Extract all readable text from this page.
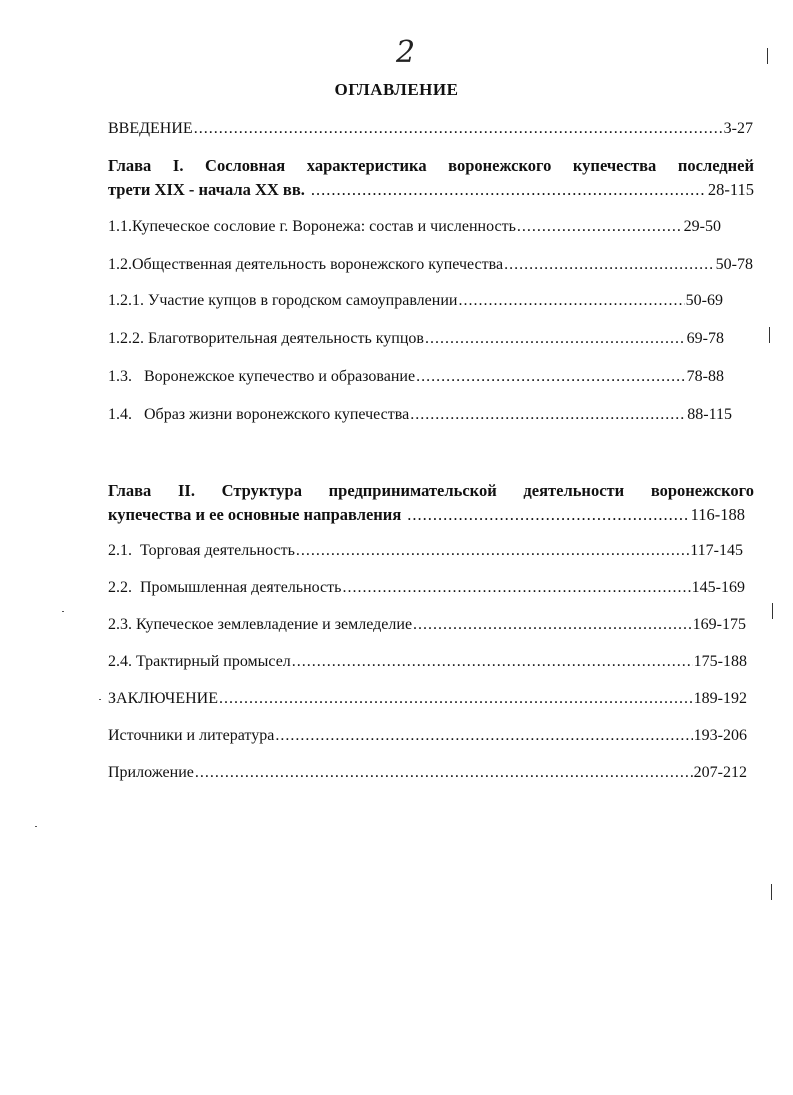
2
ОГЛАВЛЕНИЕ
ВВЕДЕНИЕ .....	3-27
Глава I. Сословная характеристика воронежского купечества последней
трети XIX - начала XX вв. .....	28-115
1.1.Купеческое сословие г. Воронежа: состав и численность .....	29-50
1.2.Общественная деятельность воронежского купечества .....	50-78
1.2.1. Участие купцов в городском самоуправлении .....	50-69
1.2.2. Благотворительная деятельность купцов .....	69-78
1.3.   Воронежское купечество и образование .....	78-88
1.4.   Образ жизни воронежского купечества .....	88-115
Глава II. Структура предпринимательской деятельности воронежского
купечества и ее основные направления .....	116-188
2.1.  Торговая деятельность .....	117-145
2.2.  Промышленная деятельность .....	145-169
2.3. Купеческое землевладение и земледелие .....	169-175
2.4. Трактирный промысел .....	175-188
ЗАКЛЮЧЕНИЕ .....	189-192
Источники и литература .....	193-206
Приложение .....	207-212
